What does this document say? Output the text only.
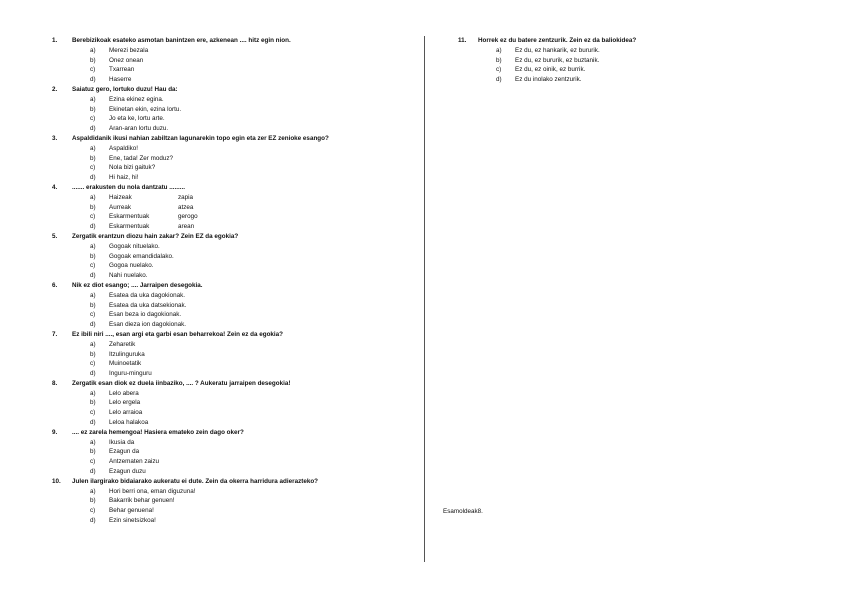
1.	Berebizikoak esateko asmotan banintzen ere, azkenean .... hitz egin nion.
a) Merezi bezala
b) Onez onean
c) Txarrean
d) Haserre
2.	Saiatuz gero, lortuko duzu! Hau da:
a) Ezina ekinez egina.
b) Ekinetan ekin, ezina lortu.
c) Jo eta ke, lortu arte.
d) Aran-aran lortu duzu.
3.	Aspaldidanik ikusi nahian zabiltzan lagunarekin topo egin eta zer EZ zenioke esango?
a) Aspaldiko!
b) Ene, tada! Zer moduz?
c) Nola bizi gaituk?
d) Hi haiz, hi!
4.	....... erakusten du nola dantzatu .........
a) Haizeak	zapia
b) Aurreak	atzea
c) Eskarmentuak	gerogo
d) Eskarmentuak	arean
5.	Zergatik erantzun diozu hain zakar? Zein EZ da egokia?
a) Gogoak nituelako.
b) Gogoak emandidalako.
c) Gogoa nuelako.
d) Nahi nuelako.
6.	Nik ez diot esango; .... Jarraipen desegokia.
a) Esatea da uka dagokionak.
b) Esatea da uka datsekionak.
c) Esan beza io dagokionak.
d) Esan dieza ion dagokionak.
7.	Ez ibili niri ...., esan argi eta garbi esan beharrekoa! Zein ez da egokia?
a) Zeharetik
b) Itzulinguruka
c) Muinoetatik
d) Inguru-minguru
8.	Zergatik esan diok ez duela iinbaziko, .... ? Aukeratu jarraipen desegokia!
a) Lelo abera
b) Lelo ergela
c) Lelo arraioa
d) Leloa halakoa
9.	.... ez zarela hemengoa! Hasiera emateko zein dago oker?
a) Ikusia da
b) Ezagun da
c) Antzematen zaizu
d) Ezagun duzu
10.	Julen ilargirako bidaiarako aukeratu ei dute. Zein da okerra harridura adierazteko?
a) Hori berri ona, eman diguzuna!
b) Bakarrik behar genuen!
c) Behar genuena!
d) Ezin sinetsizkoa!
11.	Horrek ez du batere zentzurik. Zein ez da baliokidea?
a) Ez du, ez hankarik, ez bururik.
b) Ez du, ez bururik, ez buztanik.
c) Ez du, ez oinik, ez burrik.
d) Ez du inolako zentzurik.
Esamoldeak8.
